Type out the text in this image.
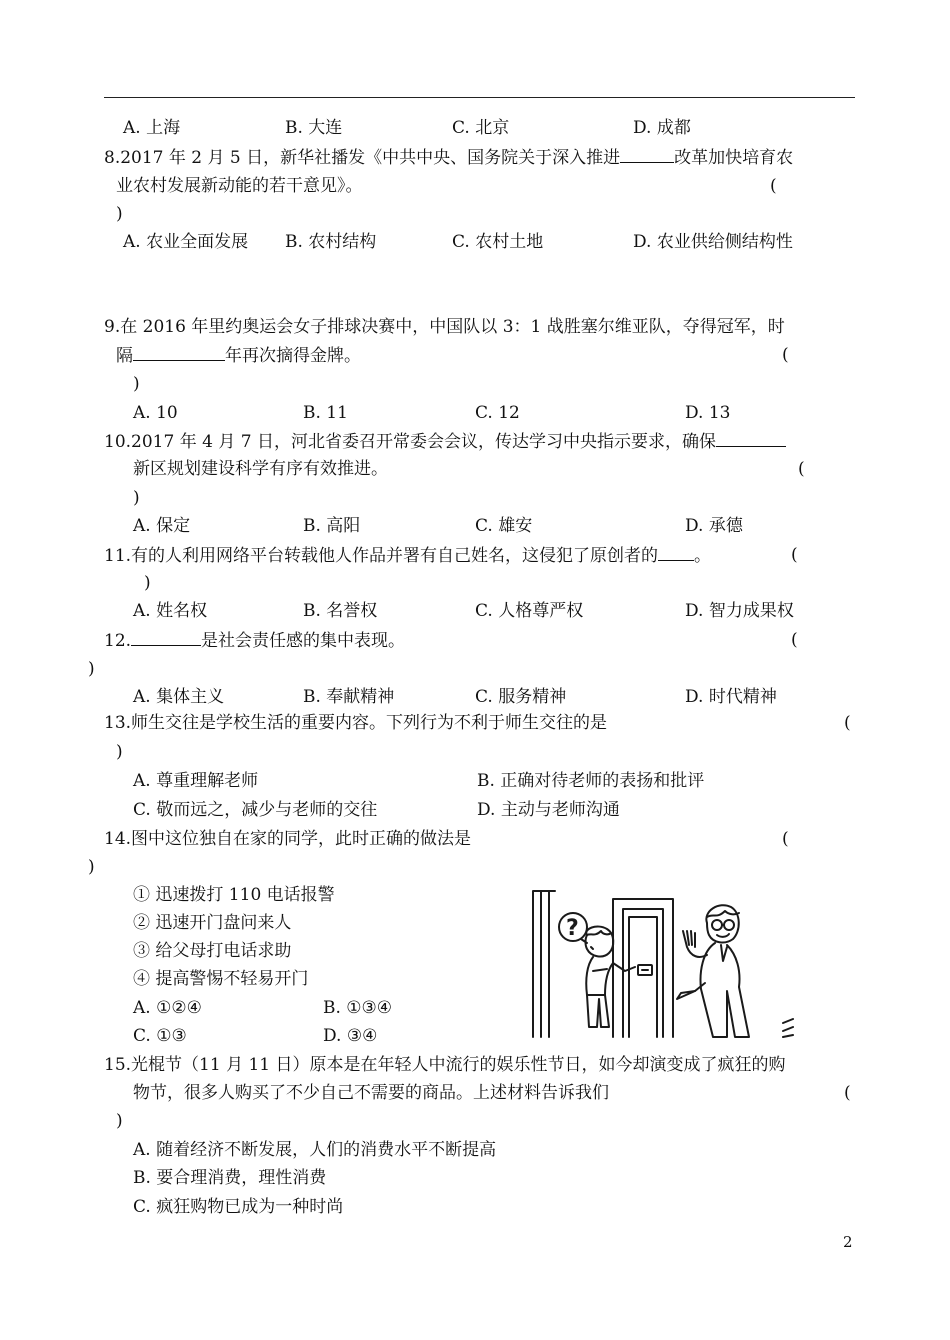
A. 上海	B. 大连	C. 北京	D. 成都
8.2017 年 2 月 5 日，新华社播发《中共中央、国务院关于深入推进	改革加快培育农
业农村发展新动能的若干意见》。	(
)
A. 农业全面发展 B. 农村结构	C. 农村土地	D. 农业供给侧结构性
9.在 2016 年里约奥运会女子排球决赛中，中国队以 3：1 战胜塞尔维亚队，夺得冠军，时
隔	年再次摘得金牌。	(
)
A. 10	B. 11	C. 12	D. 13
10.2017 年 4 月 7 日，河北省委召开常委会会议，传达学习中央指示要求，确保
新区规划建设科学有序有效推进。	(
)
A. 保定	B. 高阳	C. 雄安	D. 承德
11.有的人利用网络平台转载他人作品并署有自己姓名，这侵犯了原创者的 。	(
)
A. 姓名权	B. 名誉权	C. 人格尊严权	D. 智力成果权
12.	是社会责任感的集中表现。	(
)
A. 集体主义	B. 奉献精神	C. 服务精神	D. 时代精神
13.师生交往是学校生活的重要内容。下列行为不利于师生交往的是	(
)
A. 尊重理解老师	B. 正确对待老师的表扬和批评
C. 敬而远之，减少与老师的交往	D. 主动与老师沟通
14.图中这位独自在家的同学，此时正确的做法是	(
)
① 迅速拨打 110 电话报警
② 迅速开门盘问来人
③ 给父母打电话求助
④ 提高警惕不轻易开门
A. ①②④	B. ①③④
C. ①③	D. ③④
?
15.光棍节（11 月 11 日）原本是在年轻人中流行的娱乐性节日，如今却演变成了疯狂的购
物节，很多人购买了不少自己不需要的商品。上述材料告诉我们	(
)
A. 随着经济不断发展，人们的消费水平不断提高
B. 要合理消费，理性消费
C. 疯狂购物已成为一种时尚
2
